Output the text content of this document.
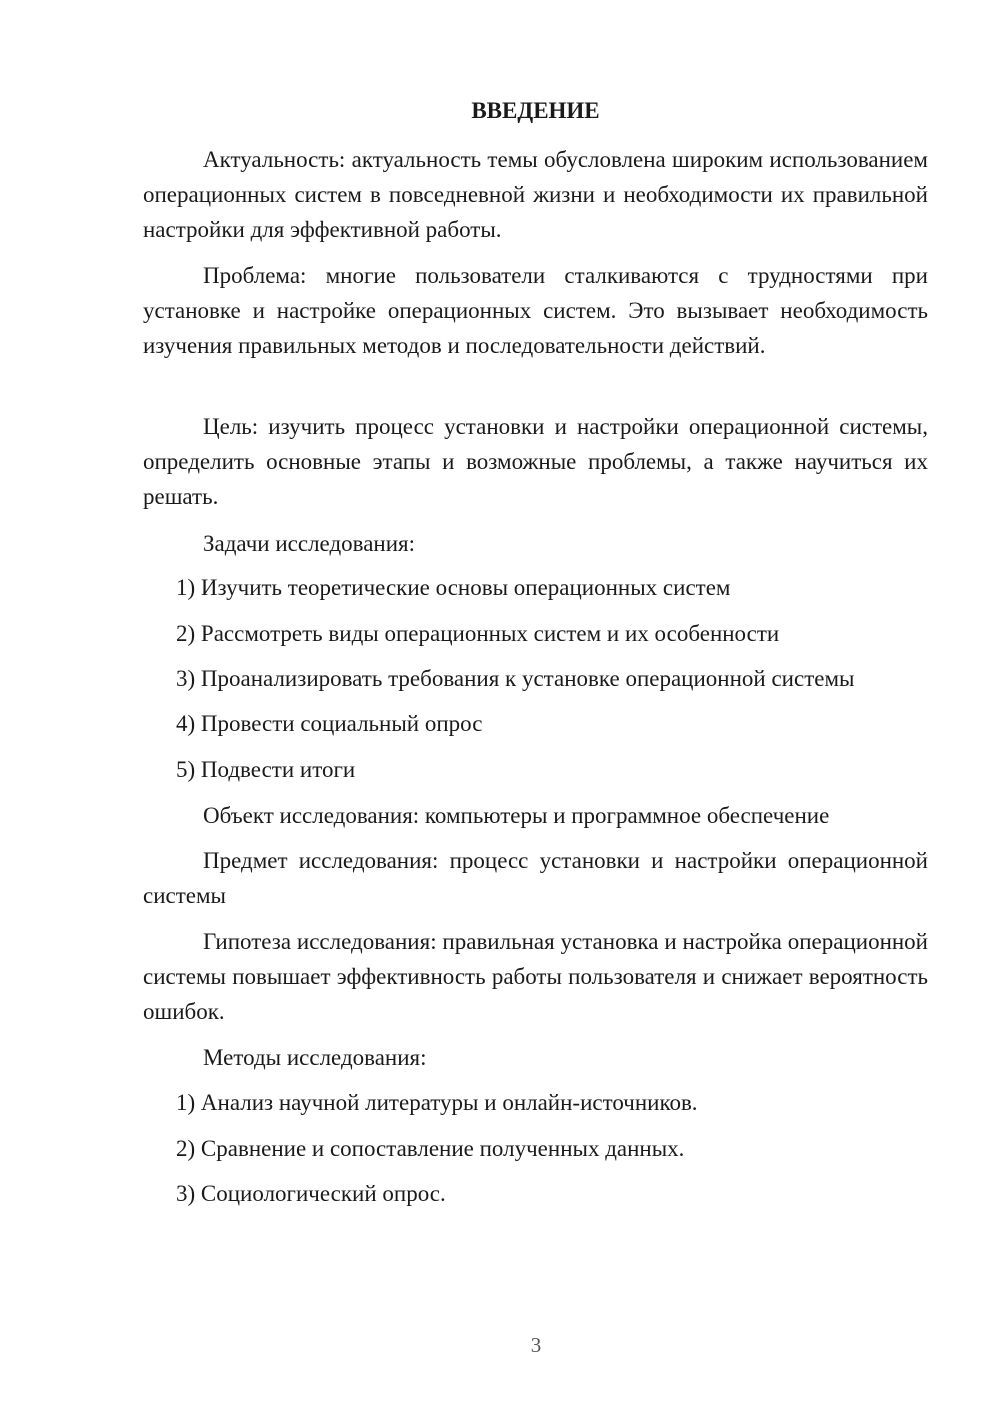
ВВЕДЕНИЕ

Актуальность: актуальность темы обусловлена широким использованием операционных систем в повседневной жизни и необходимости их правильной настройки для эффективной работы.

Проблема: многие пользователи сталкиваются с трудностями при установке и настройке операционных систем. Это вызывает необходимость изучения правильных методов и последовательности действий.

Цель: изучить процесс установки и настройки операционной системы, определить основные этапы и возможные проблемы, а также научиться их решать.

Задачи исследования:

1) Изучить теоретические основы операционных систем

2) Рассмотреть виды операционных систем и их особенности

3) Проанализировать требования к установке операционной системы

4) Провести социальный опрос

5) Подвести итоги

Объект исследования: компьютеры и программное обеспечение

Предмет исследования: процесс установки и настройки операционной системы

Гипотеза исследования: правильная установка и настройка операционной системы повышает эффективность работы пользователя и снижает вероятность ошибок.

Методы исследования:

1) Анализ научной литературы и онлайн-источников.

2) Сравнение и сопоставление полученных данных.

3) Социологический опрос.

3
